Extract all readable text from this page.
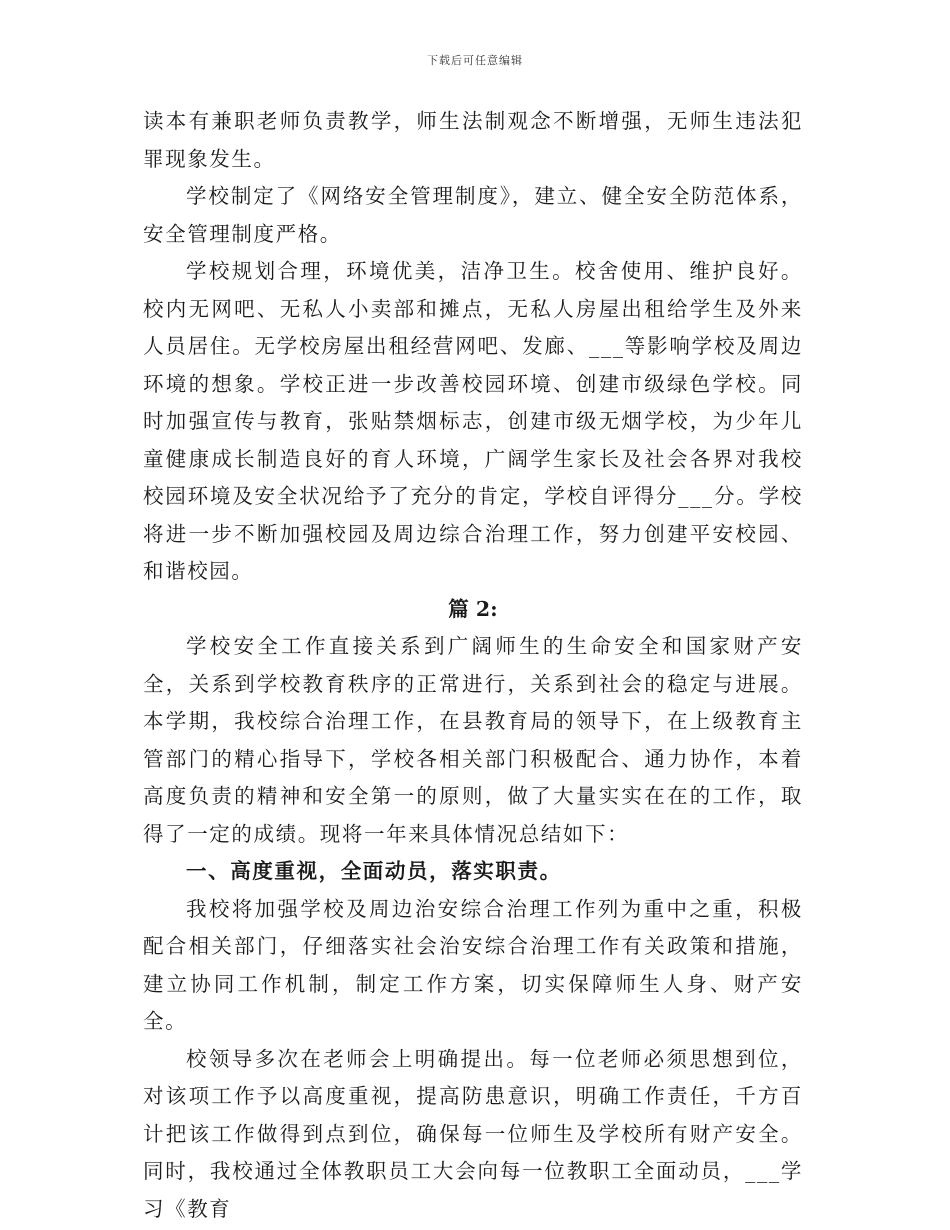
下载后可任意编辑

读本有兼职老师负责教学，师生法制观念不断增强，无师生违法犯罪现象发生。

学校制定了《网络安全管理制度》，建立、健全安全防范体系，安全管理制度严格。

学校规划合理，环境优美，洁净卫生。校舍使用、维护良好。校内无网吧、无私人小卖部和摊点，无私人房屋出租给学生及外来人员居住。无学校房屋出租经营网吧、发廊、___等影响学校及周边环境的想象。学校正进一步改善校园环境、创建市级绿色学校。同时加强宣传与教育，张贴禁烟标志，创建市级无烟学校，为少年儿童健康成长制造良好的育人环境，广阔学生家长及社会各界对我校校园环境及安全状况给予了充分的肯定，学校自评得分___分。学校将进一步不断加强校园及周边综合治理工作，努力创建平安校园、和谐校园。

篇 2:

学校安全工作直接关系到广阔师生的生命安全和国家财产安全，关系到学校教育秩序的正常进行，关系到社会的稳定与进展。本学期，我校综合治理工作，在县教育局的领导下，在上级教育主管部门的精心指导下，学校各相关部门积极配合、通力协作，本着高度负责的精神和安全第一的原则，做了大量实实在在的工作，取得了一定的成绩。现将一年来具体情况总结如下：

一、高度重视，全面动员，落实职责。

我校将加强学校及周边治安综合治理工作列为重中之重，积极配合相关部门，仔细落实社会治安综合治理工作有关政策和措施，建立协同工作机制，制定工作方案，切实保障师生人身、财产安全。

校领导多次在老师会上明确提出。每一位老师必须思想到位，对该项工作予以高度重视，提高防患意识，明确工作责任，千方百计把该工作做得到点到位，确保每一位师生及学校所有财产安全。同时，我校通过全体教职员工大会向每一位教职工全面动员，___学习《教育
